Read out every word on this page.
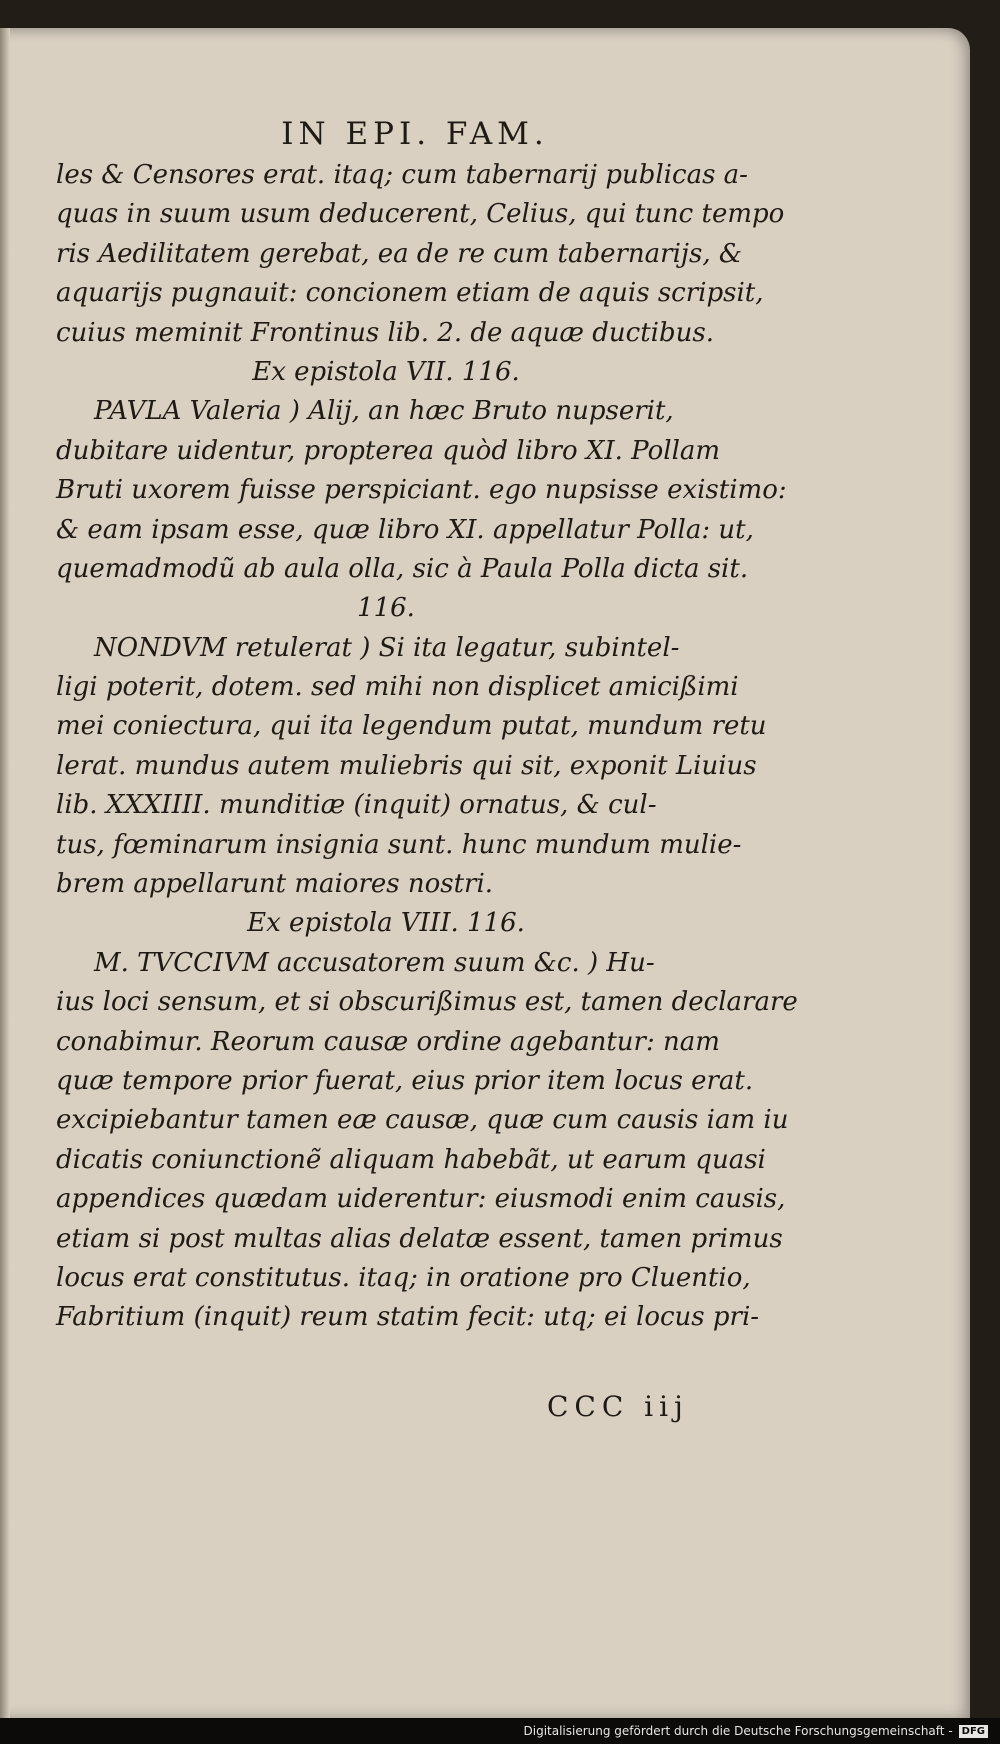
IN EPI. FAM.
les & Censores erat. itaq; cum tabernarij publicas a-
quas in suum usum deducerent, Celius, qui tunc tempo
ris Aedilitatem gerebat, ea de re cum tabernarijs, &
aquarijs pugnauit: concionem etiam de aquis scripsit,
cuius meminit Frontinus lib. 2. de aquæ ductibus.
Ex epistola VII. 116.
PAVLA Valeria ) Alij, an hæc Bruto nupserit,
dubitare uidentur, propterea quòd libro XI. Pollam
Bruti uxorem fuisse perspiciant. ego nupsisse existimo:
& eam ipsam esse, quæ libro XI. appellatur Polla: ut,
quemadmodũ ab aula olla, sic à Paula Polla dicta sit.
116.
NONDVM retulerat ) Si ita legatur, subintel-
ligi poterit, dotem. sed mihi non displicet amicißimi
mei coniectura, qui ita legendum putat, mundum retu
lerat. mundus autem muliebris qui sit, exponit Liuius
lib. XXXIIII. munditiæ (inquit) ornatus, & cul-
tus, fœminarum insignia sunt. hunc mundum mulie-
brem appellarunt maiores nostri.
Ex epistola VIII. 116.
M. TVCCIVM accusatorem suum &c. ) Hu-
ius loci sensum, et si obscurißimus est, tamen declarare
conabimur. Reorum causæ ordine agebantur: nam
quæ tempore prior fuerat, eius prior item locus erat.
excipiebantur tamen eæ causæ, quæ cum causis iam iu
dicatis coniunctionẽ aliquam habebãt, ut earum quasi
appendices quædam uiderentur: eiusmodi enim causis,
etiam si post multas alias delatæ essent, tamen primus
locus erat constitutus. itaq; in oratione pro Cluentio,
Fabritium (inquit) reum statim fecit: utq; ei locus pri-
CCC iij
Digitalisierung gefördert durch die Deutsche Forschungsgemeinschaft - DFG
